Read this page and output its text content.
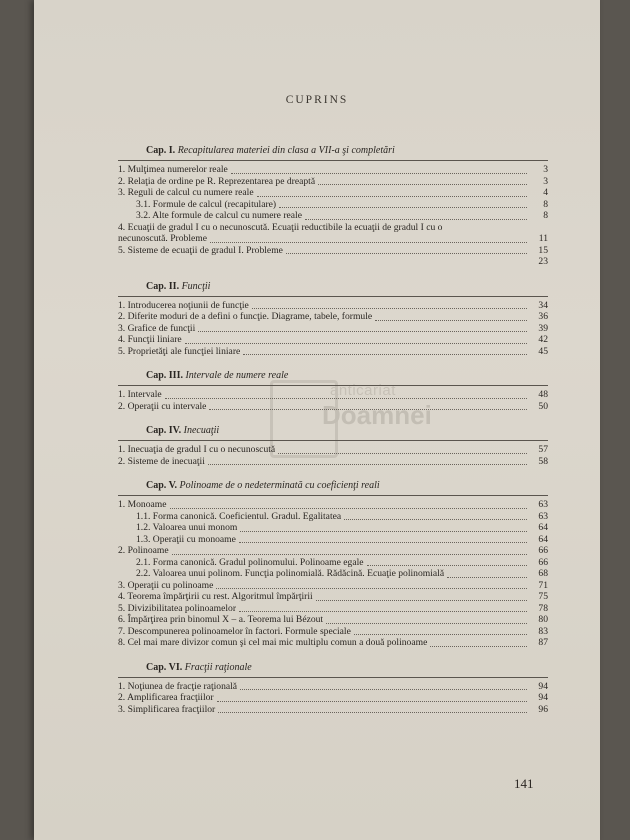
CUPRINS
anticariat
Doamnei
Cap. I. Recapitularea materiei din clasa a VII-a şi completări
1. Mulţimea numerelor reale	3
2. Relaţia de ordine pe R. Reprezentarea pe dreaptă	3
3. Reguli de calcul cu numere reale	4
3.1. Formule de calcul (recapitulare)	8
3.2. Alte formule de calcul cu numere reale	8
4. Ecuaţii de gradul I cu o necunoscută. Ecuaţii reductibile la ecuaţii de gradul I cu o
necunoscută. Probleme	11
5. Sisteme de ecuaţii de gradul I. Probleme	15
23
Cap. II. Funcţii
1. Introducerea noţiunii de funcţie	34
2. Diferite moduri de a defini o funcţie. Diagrame, tabele, formule	36
3. Grafice de funcţii	39
4. Funcţii liniare	42
5. Proprietăţi ale funcţiei liniare	45
Cap. III. Intervale de numere reale
1. Intervale	48
2. Operaţii cu intervale	50
Cap. IV. Inecuaţii
1. Inecuaţia de gradul I cu o necunoscută	57
2. Sisteme de inecuaţii	58
Cap. V. Polinoame de o nedeterminată cu coeficienţi reali
1. Monoame	63
1.1. Forma canonică. Coeficientul. Gradul. Egalitatea	63
1.2. Valoarea unui monom	64
1.3. Operaţii cu monoame	64
2. Polinoame	66
2.1. Forma canonică. Gradul polinomului. Polinoame egale	66
2.2. Valoarea unui polinom. Funcţia polinomială. Rădăcină. Ecuaţie polinomială	68
3. Operaţii cu polinoame	71
4. Teorema împărţirii cu rest. Algoritmul împărţirii	75
5. Divizibilitatea polinoamelor	78
6. Împărţirea prin binomul X – a. Teorema lui Bézout	80
7. Descompunerea polinoamelor în factori. Formule speciale	83
8. Cel mai mare divizor comun şi cel mai mic multiplu comun a două polinoame	87
Cap. VI. Fracţii raţionale
1. Noţiunea de fracţie raţională	94
2. Amplificarea fracţiilor	94
3. Simplificarea fracţiilor	96
141
